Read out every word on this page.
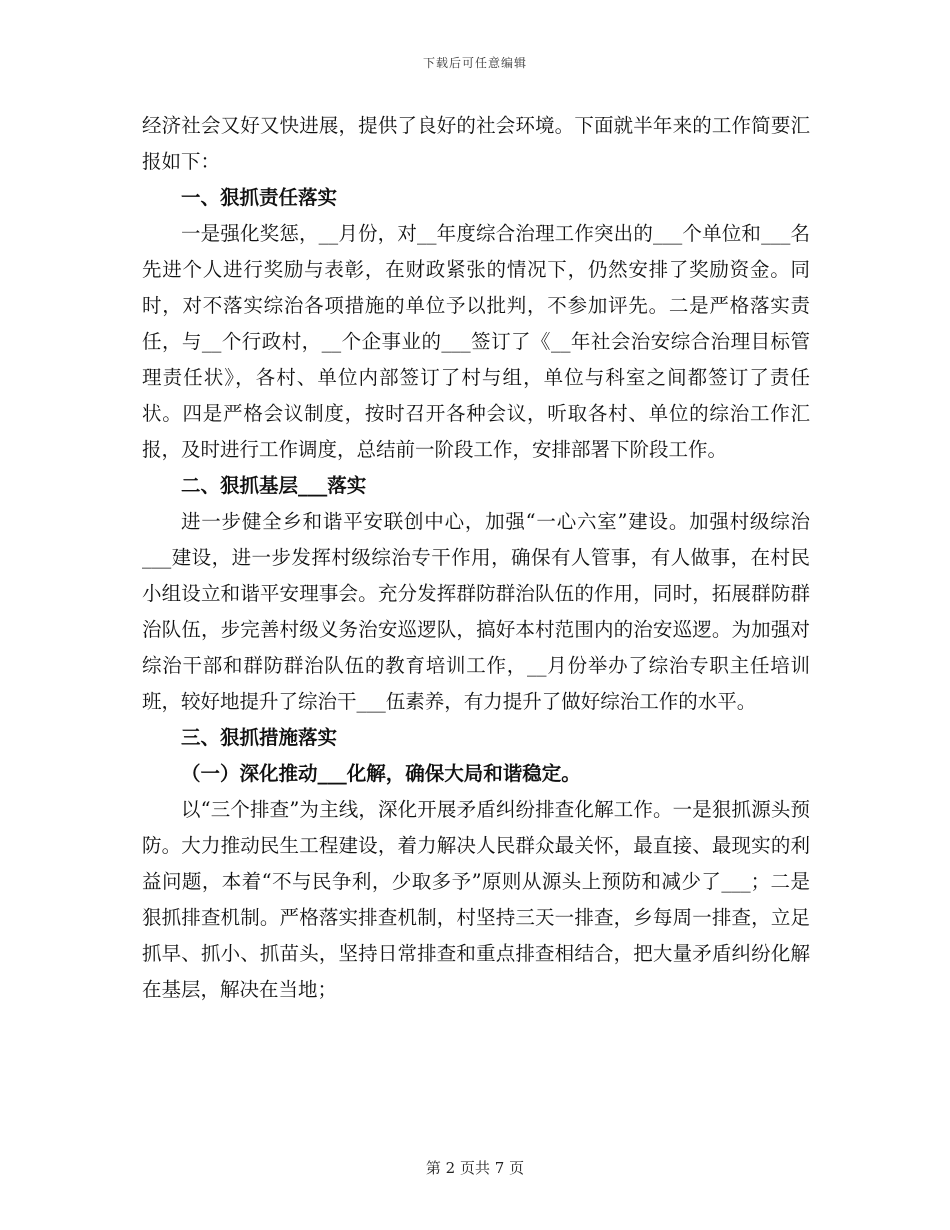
下载后可任意编辑

经济社会又好又快进展，提供了良好的社会环境。下面就半年来的工作简要汇报如下：

一、狠抓责任落实

一是强化奖惩，__月份，对__年度综合治理工作突出的___个单位和___名先进个人进行奖励与表彰，在财政紧张的情况下，仍然安排了奖励资金。同时，对不落实综治各项措施的单位予以批判，不参加评先。二是严格落实责任，与__个行政村，__个企事业的___签订了《__年社会治安综合治理目标管理责任状》，各村、单位内部签订了村与组，单位与科室之间都签订了责任状。四是严格会议制度，按时召开各种会议，听取各村、单位的综治工作汇报，及时进行工作调度，总结前一阶段工作，安排部署下阶段工作。

二、狠抓基层___落实

进一步健全乡和谐平安联创中心，加强“一心六室”建设。加强村级综治___建设，进一步发挥村级综治专干作用，确保有人管事，有人做事，在村民小组设立和谐平安理事会。充分发挥群防群治队伍的作用，同时，拓展群防群治队伍，步完善村级义务治安巡逻队，搞好本村范围内的治安巡逻。为加强对综治干部和群防群治队伍的教育培训工作，__月份举办了综治专职主任培训班，较好地提升了综治干___伍素养，有力提升了做好综治工作的水平。

三、狠抓措施落实

（一）深化推动___化解，确保大局和谐稳定。

以“三个排查”为主线，深化开展矛盾纠纷排查化解工作。一是狠抓源头预防。大力推动民生工程建设，着力解决人民群众最关怀，最直接、最现实的利益问题，本着“不与民争利，少取多予”原则从源头上预防和减少了___；二是狠抓排查机制。严格落实排查机制，村坚持三天一排查，乡每周一排查，立足抓早、抓小、抓苗头，坚持日常排查和重点排查相结合，把大量矛盾纠纷化解在基层，解决在当地；

第 2 页共 7 页
